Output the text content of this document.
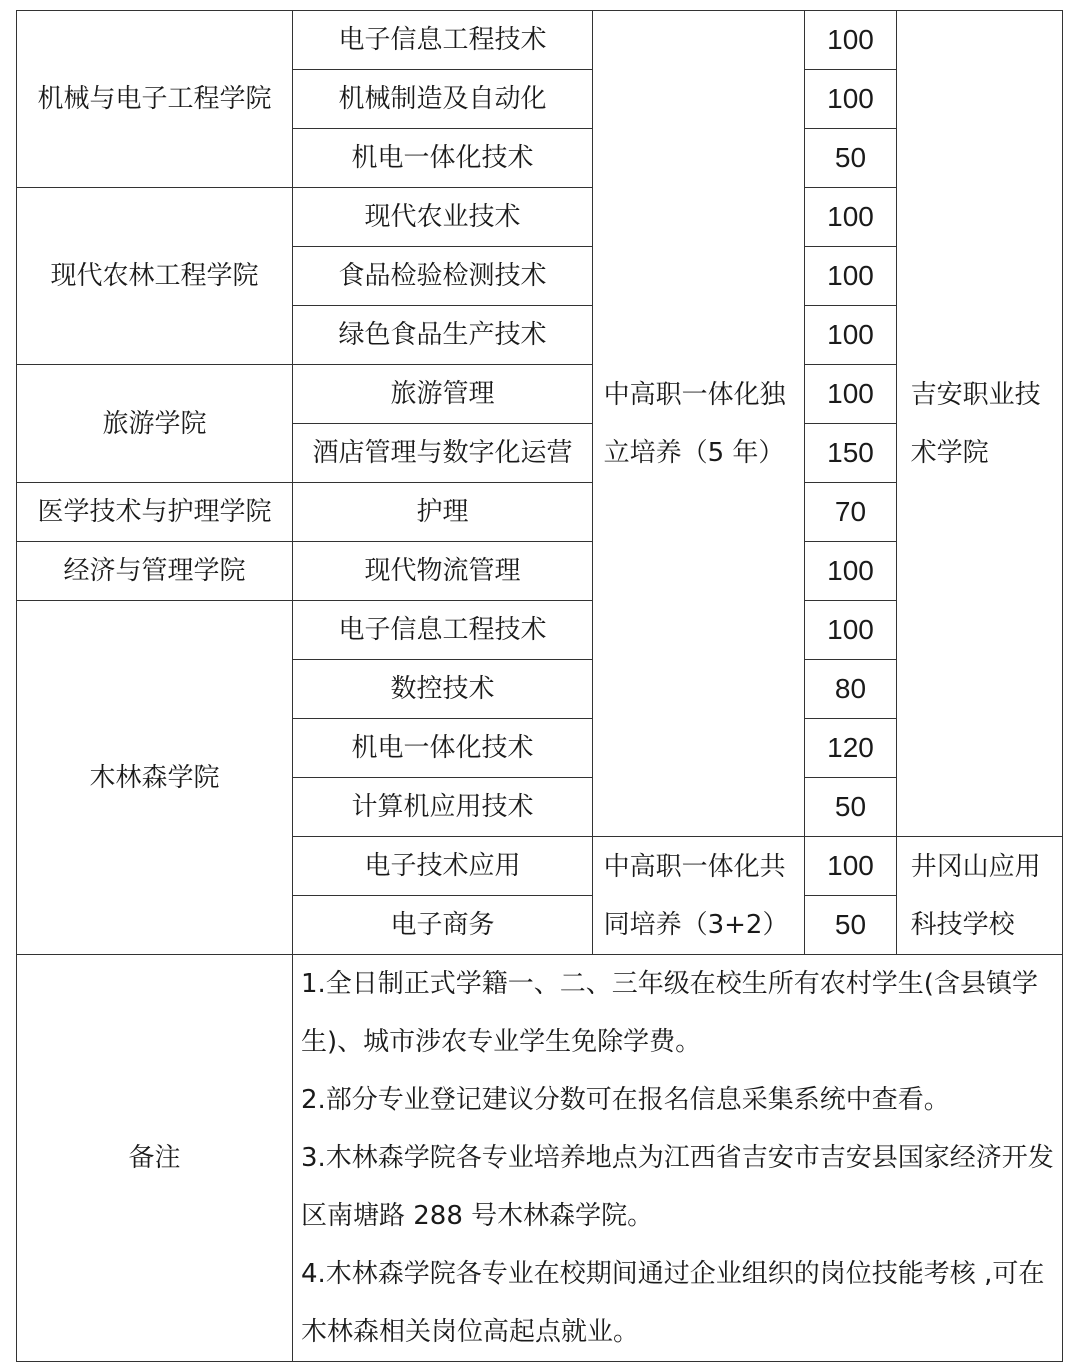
机械与电子工程学院	电子信息工程技术	中高职一体化独立培养（5 年）	100	吉安职业技术学院
	机械制造及自动化		100	
	机电一体化技术		50	
现代农林工程学院	现代农业技术		100	
	食品检验检测技术		100	
	绿色食品生产技术		100	
旅游学院	旅游管理		100	
	酒店管理与数字化运营		150	
医学技术与护理学院	护理		70	
经济与管理学院	现代物流管理		100	
木林森学院	电子信息工程技术		100	
	数控技术		80	
	机电一体化技术		120	
	计算机应用技术		50	
	电子技术应用	中高职一体化共同培养（3+2）	100	井冈山应用科技学校
	电子商务		50	
备注	1.全日制正式学籍一、二、三年级在校生所有农村学生(含县镇学生)、城市涉农专业学生免除学费。

2.部分专业登记建议分数可在报名信息采集系统中查看。

3.木林森学院各专业培养地点为江西省吉安市吉安县国家经济开发区南塘路 288 号木林森学院。

4.木林森学院各专业在校期间通过企业组织的岗位技能考核 ,可在木林森相关岗位高起点就业。			
